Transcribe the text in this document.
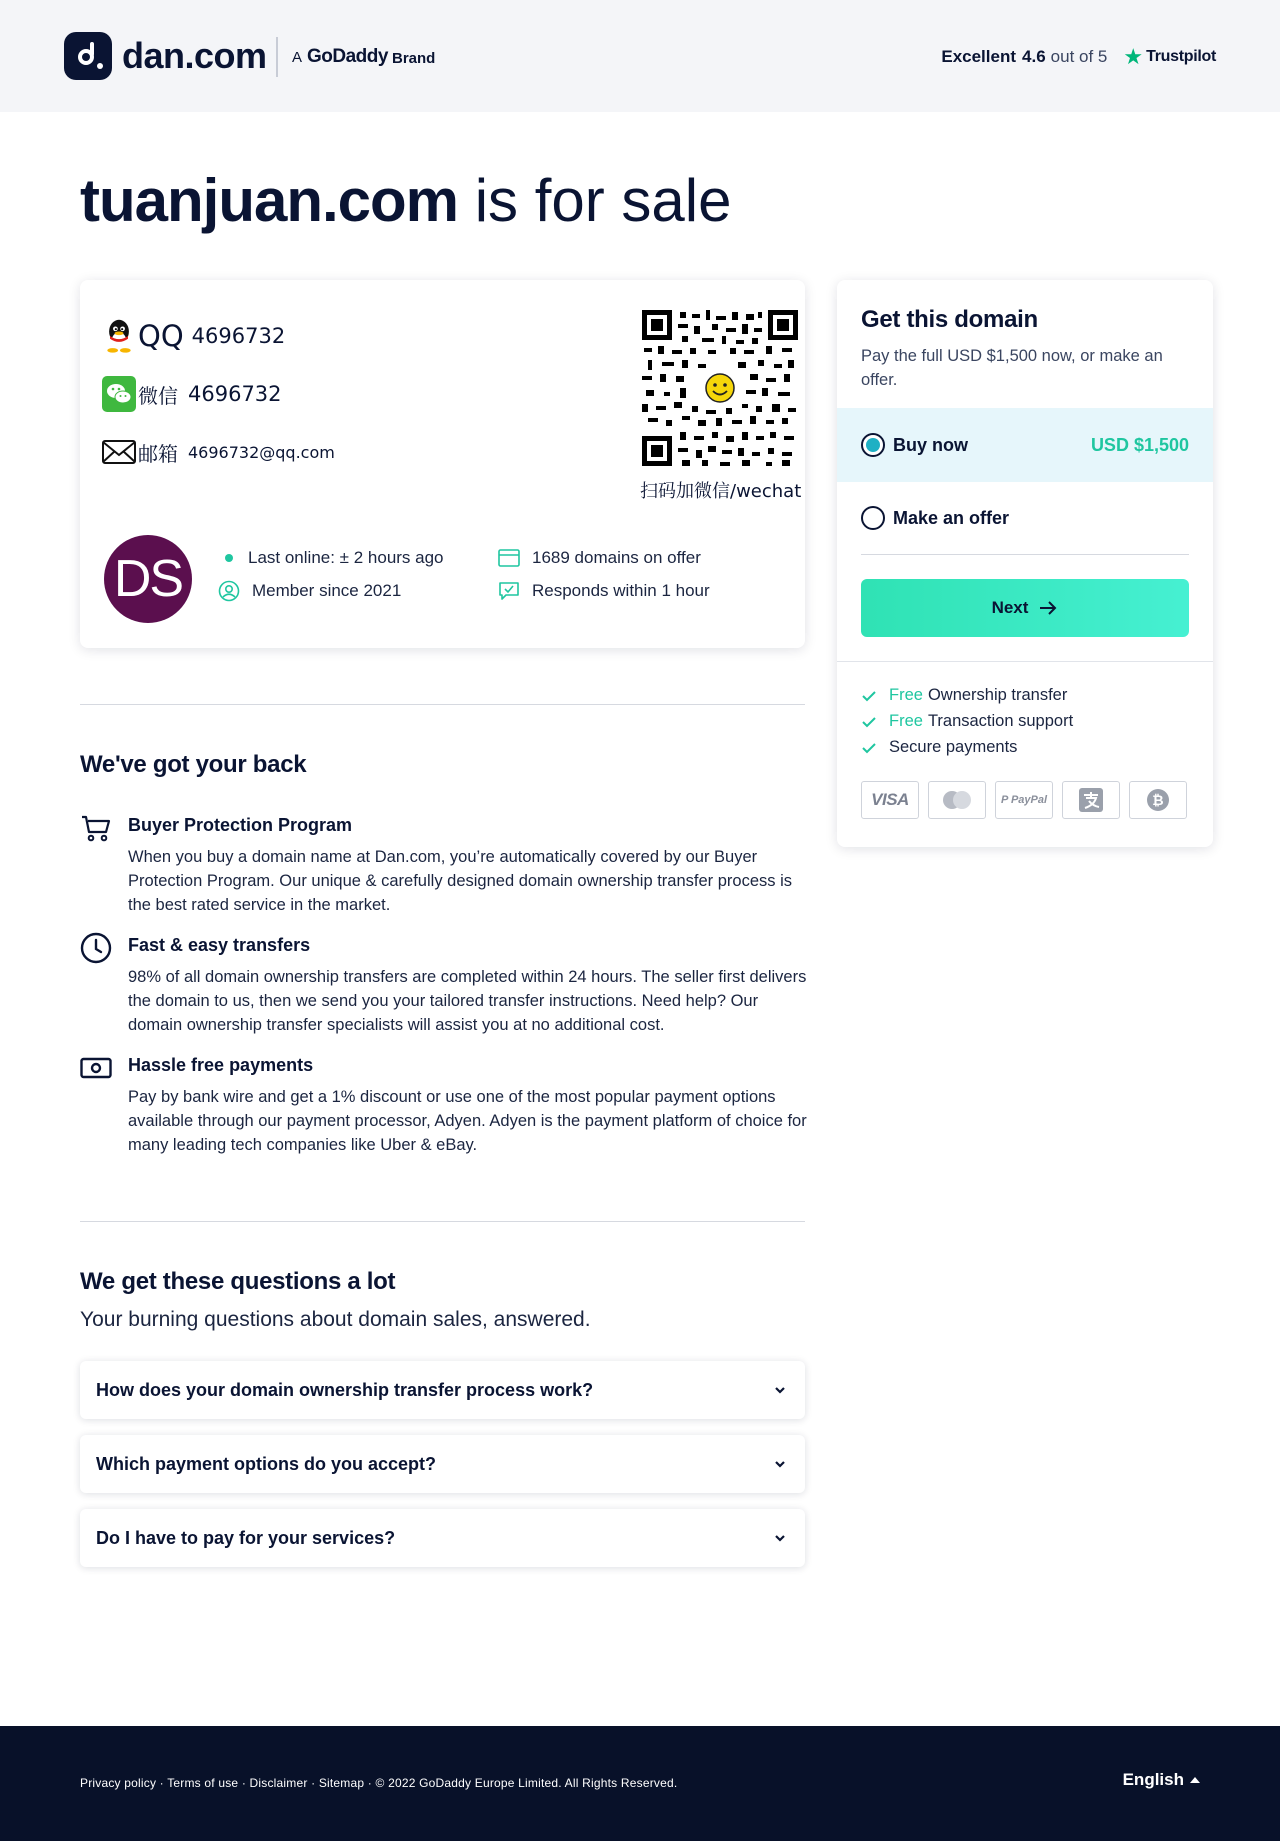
dan.com A GoDaddy Brand	Excellent 4.6 out of 5 ★ Trustpilot
tuanjuan.com is for sale
QQ 4696732
微信 4696732
邮箱 4696732@qq.com
扫码加微信/wechat
DS	Last online: ± 2 hours ago
Member since 2021
1689 domains on offer
Responds within 1 hour
We've got your back
Buyer Protection Program
When you buy a domain name at Dan.com, you’re automatically covered by our Buyer Protection Program. Our unique & carefully designed domain ownership transfer process is the best rated service in the market.
Fast & easy transfers
98% of all domain ownership transfers are completed within 24 hours. The seller first delivers the domain to us, then we send you your tailored transfer instructions. Need help? Our domain ownership transfer specialists will assist you at no additional cost.
Hassle free payments
Pay by bank wire and get a 1% discount or use one of the most popular payment options available through our payment processor, Adyen. Adyen is the payment platform of choice for many leading tech companies like Uber & eBay.
We get these questions a lot
Your burning questions about domain sales, answered.
How does your domain ownership transfer process work?
Which payment options do you accept?
Do I have to pay for your services?
Get this domain
Pay the full USD $1,500 now, or make an offer.
Buy now	USD $1,500
Make an offer
Next
Free Ownership transfer
Free Transaction support
Secure payments
VISA	P PayPal	₿
Privacy policy · Terms of use · Disclaimer · Sitemap · © 2022 GoDaddy Europe Limited. All Rights Reserved.	English
